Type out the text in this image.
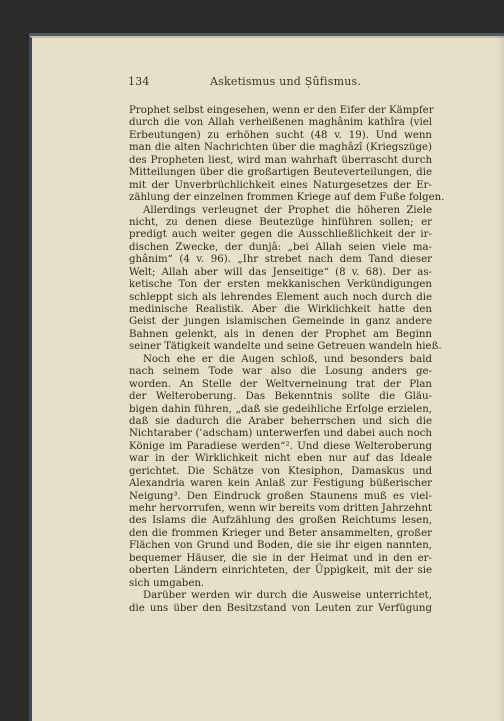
134	Asketismus und Ṣûfismus.
Prophet selbst eingesehen, wenn er den Eifer der Kämpfer
durch die von Allah verheißenen maghânim kathîra (viel
Erbeutungen) zu erhöhen sucht (48 v. 19). Und wenn
man die alten Nachrichten über die maghâzî (Kriegszüge)
des Propheten liest, wird man wahrhaft überrascht durch
Mitteilungen über die großartigen Beuteverteilungen, die
mit der Unverbrüchlichkeit eines Naturgesetzes der Er-
zählung der einzelnen frommen Kriege auf dem Fuße folgen.
Allerdings verleugnet der Prophet die höheren Ziele
nicht, zu denen diese Beutezüge hinführen sollen; er
predigt auch weiter gegen die Ausschließlichkeit der ir-
dischen Zwecke, der dunjâ: „bei Allah seien viele ma-
ghânim“ (4 v. 96). „Ihr strebet nach dem Tand dieser
Welt; Allah aber will das Jenseitige“ (8 v. 68). Der as-
ketische Ton der ersten mekkanischen Verkündigungen
schleppt sich als lehrendes Element auch noch durch die
medinische Realistik. Aber die Wirklichkeit hatte den
Geist der jungen islamischen Gemeinde in ganz andere
Bahnen gelenkt, als in denen der Prophet am Beginn
seiner Tätigkeit wandelte und seine Getreuen wandeln hieß.
Noch ehe er die Augen schloß, und besonders bald
nach seinem Tode war also die Losung anders ge-
worden. An Stelle der Weltverneinung trat der Plan
der Welteroberung. Das Bekenntnis sollte die Gläu-
bigen dahin führen, „daß sie gedeihliche Erfolge erzielen,
daß sie dadurch die Araber beherrschen und sich die
Nichtaraber (ʿadscham) unterwerfen und dabei auch noch
Könige im Paradiese werden“². Und diese Welteroberung
war in der Wirklichkeit nicht eben nur auf das Ideale
gerichtet. Die Schätze von Ktesiphon, Damaskus und
Alexandria waren kein Anlaß zur Festigung büßerischer
Neigung³. Den Eindruck großen Staunens muß es viel-
mehr hervorrufen, wenn wir bereits vom dritten Jahrzehnt
des Islams die Aufzählung des großen Reichtums lesen,
den die frommen Krieger und Beter ansammelten, großer
Flächen von Grund und Boden, die sie ihr eigen nannten,
bequemer Häuser, die sie in der Heimat und in den er-
oberten Ländern einrichteten, der Üppigkeit, mit der sie
sich umgaben.
Darüber werden wir durch die Ausweise unterrichtet,
die uns über den Besitzstand von Leuten zur Verfügung
